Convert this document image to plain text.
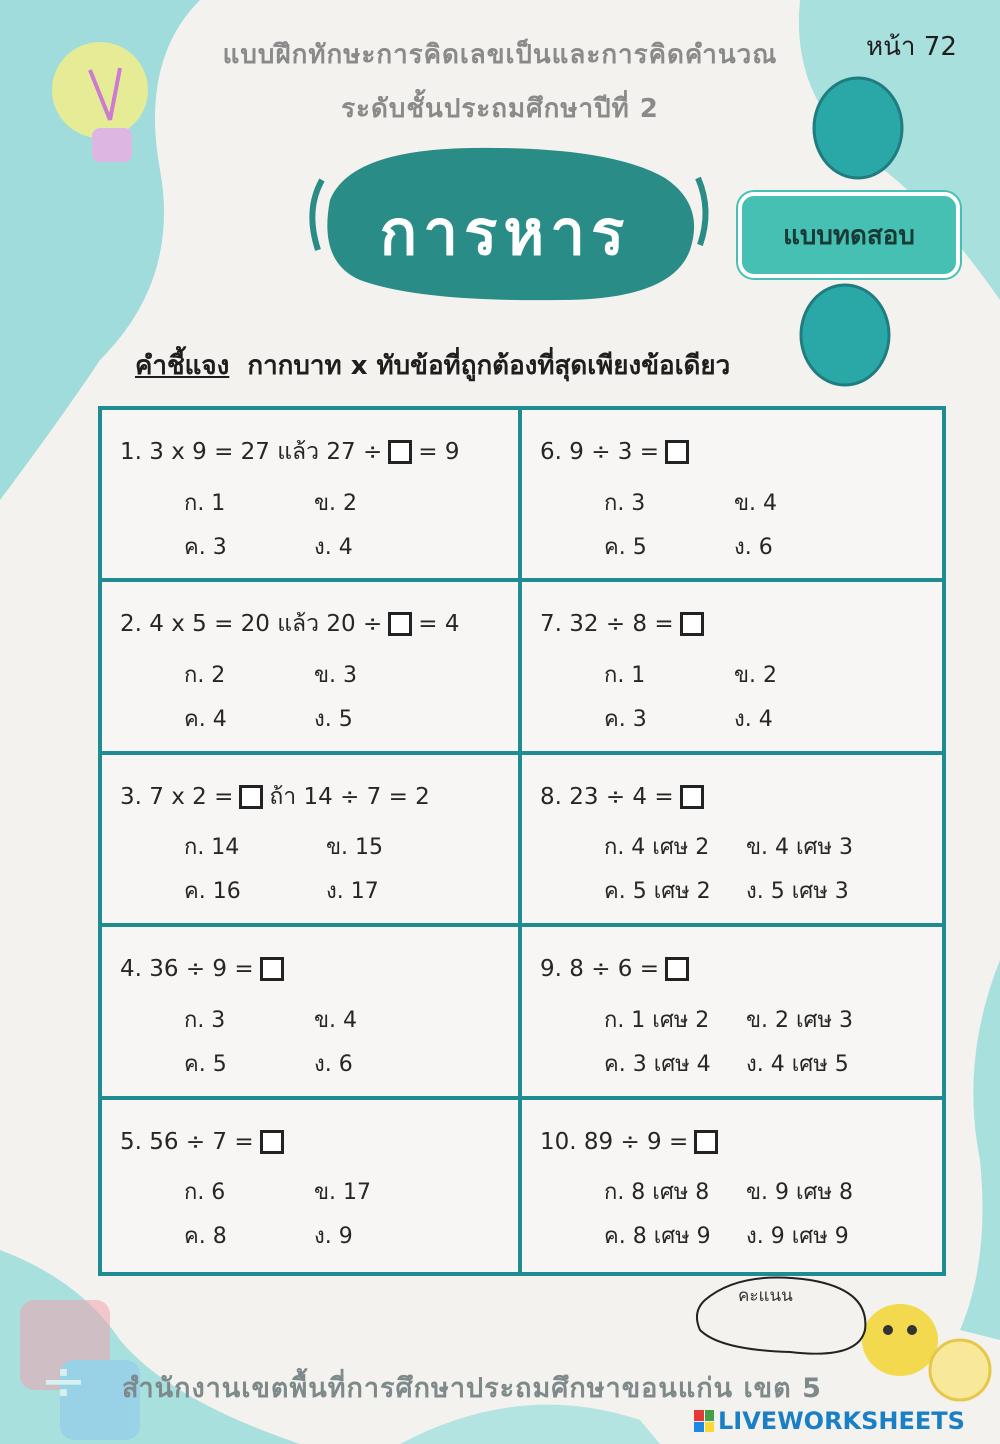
÷
หน้า 72
แบบฝึกทักษะการคิดเลขเป็นและการคิดคำนวณ
ระดับชั้นประถมศึกษาปีที่ 2
การหาร	แบบทดสอบ
คำชี้แจง กากบาท x ทับข้อที่ถูกต้องที่สุดเพียงข้อเดียว
1. 3 x 9 = 27 แล้ว 27 ÷ = 9
ก. 1	ข. 2
ค. 3	ง. 4
6. 9 ÷ 3 =
ก. 3	ข. 4
ค. 5	ง. 6
2. 4 x 5 = 20 แล้ว 20 ÷ = 4
ก. 2	ข. 3
ค. 4	ง. 5
7. 32 ÷ 8 =
ก. 1	ข. 2
ค. 3	ง. 4
3. 7 x 2 = ถ้า 14 ÷ 7 = 2
ก. 14	ข. 15
ค. 16	ง. 17
8. 23 ÷ 4 =
ก. 4 เศษ 2	ข. 4 เศษ 3
ค. 5 เศษ 2	ง. 5 เศษ 3
4. 36 ÷ 9 =
ก. 3	ข. 4
ค. 5	ง. 6
9. 8 ÷ 6 =
ก. 1 เศษ 2	ข. 2 เศษ 3
ค. 3 เศษ 4	ง. 4 เศษ 5
5. 56 ÷ 7 =
ก. 6	ข. 17
ค. 8	ง. 9
10. 89 ÷ 9 =
ก. 8 เศษ 8	ข. 9 เศษ 8
ค. 8 เศษ 9	ง. 9 เศษ 9
คะแนน
สำนักงานเขตพื้นที่การศึกษาประถมศึกษาขอนแก่น เขต 5
LIVEWORKSHEETS
